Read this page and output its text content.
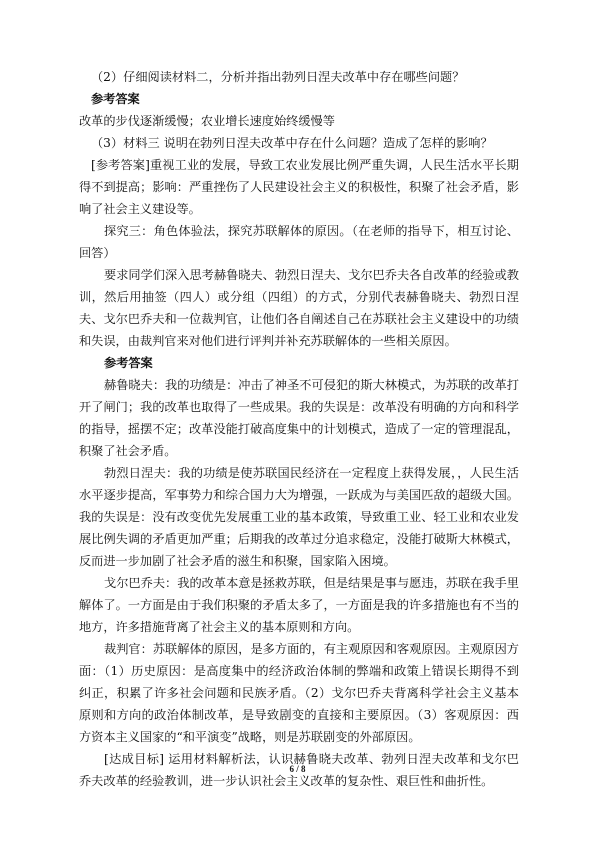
（2）仔细阅读材料二，分析并指出勃列日涅夫改革中存在哪些问题？

参考答案

改革的步伐逐渐缓慢；农业增长速度始终缓慢等

（3）材料三 说明在勃列日涅夫改革中存在什么问题？造成了怎样的影响？

[参考答案]重视工业的发展，导致工农业发展比例严重失调，人民生活水平长期得不到提高；影响：严重挫伤了人民建设社会主义的积极性，积聚了社会矛盾，影响了社会主义建设等。

探究三：角色体验法，探究苏联解体的原因。（在老师的指导下，相互讨论、回答）

要求同学们深入思考赫鲁晓夫、勃烈日涅夫、戈尔巴乔夫各自改革的经验或教训，然后用抽签（四人）或分组（四组）的方式，分别代表赫鲁晓夫、勃烈日涅夫、戈尔巴乔夫和一位裁判官，让他们各自阐述自己在苏联社会主义建设中的功绩和失误，由裁判官来对他们进行评判并补充苏联解体的一些相关原因。

参考答案

赫鲁晓夫：我的功绩是：冲击了神圣不可侵犯的斯大林模式，为苏联的改革打开了闸门；我的改革也取得了一些成果。我的失误是：改革没有明确的方向和科学的指导，摇摆不定；改革没能打破高度集中的计划模式，造成了一定的管理混乱，积聚了社会矛盾。

勃烈日涅夫：我的功绩是使苏联国民经济在一定程度上获得发展，，人民生活水平逐步提高，军事势力和综合国力大为增强，一跃成为与美国匹敌的超级大国。我的失误是：没有改变优先发展重工业的基本政策，导致重工业、轻工业和农业发展比例失调的矛盾更加严重；后期我的改革过分追求稳定，没能打破斯大林模式，反而进一步加剧了社会矛盾的滋生和积聚，国家陷入困境。

戈尔巴乔夫：我的改革本意是拯救苏联，但是结果是事与愿违，苏联在我手里解体了。一方面是由于我们积聚的矛盾太多了，一方面是我的许多措施也有不当的地方，许多措施背离了社会主义的基本原则和方向。

裁判官：苏联解体的原因，是多方面的，有主观原因和客观原因。主观原因方面：（1）历史原因：是高度集中的经济政治体制的弊端和政策上错误长期得不到纠正，积累了许多社会问题和民族矛盾。（2）戈尔巴乔夫背离科学社会主义基本原则和方向的政治体制改革，是导致剧变的直接和主要原因。（3）客观原因：西方资本主义国家的“和平演变”战略，则是苏联剧变的外部原因。

[达成目标] 运用材料解析法，认识赫鲁晓夫改革、勃列日涅夫改革和戈尔巴乔夫改革的经验教训，进一步认识社会主义改革的复杂性、艰巨性和曲折性。

6 / 8
